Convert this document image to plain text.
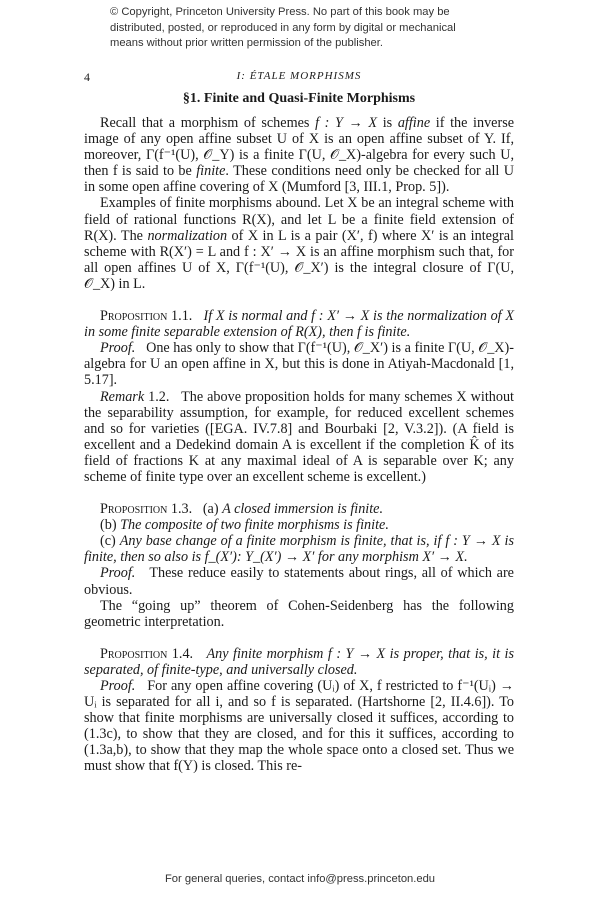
© Copyright, Princeton University Press. No part of this book may be
distributed, posted, or reproduced in any form by digital or mechanical
means without prior written permission of the publisher.
4	I: ÉTALE MORPHISMS
§1. Finite and Quasi-Finite Morphisms

Recall that a morphism of schemes f : Y → X is affine if the inverse image of any open affine subset U of X is an open affine subset of Y. If, moreover, Γ(f⁻¹(U), 𝒪_Y) is a finite Γ(U, 𝒪_X)-algebra for every such U, then f is said to be finite. These conditions need only be checked for all U in some open affine covering of X (Mumford [3, III.1, Prop. 5]).

Examples of finite morphisms abound. Let X be an integral scheme with field of rational functions R(X), and let L be a finite field extension of R(X). The normalization of X in L is a pair (X′, f) where X′ is an integral scheme with R(X′) = L and f : X′ → X is an affine morphism such that, for all open affines U of X, Γ(f⁻¹(U), 𝒪_X′) is the integral closure of Γ(U, 𝒪_X) in L.

Proposition 1.1. If X is normal and f : X′ → X is the normalization of X in some finite separable extension of R(X), then f is finite.

Proof. One has only to show that Γ(f⁻¹(U), 𝒪_X′) is a finite Γ(U, 𝒪_X)-algebra for U an open affine in X, but this is done in Atiyah-Macdonald [1, 5.17].

Remark 1.2. The above proposition holds for many schemes X without the separability assumption, for example, for reduced excellent schemes and so for varieties ([EGA. IV.7.8] and Bourbaki [2, V.3.2]). (A field is excellent and a Dedekind domain A is excellent if the completion K̂ of its field of fractions K at any maximal ideal of A is separable over K; any scheme of finite type over an excellent scheme is excellent.)

Proposition 1.3. (a) A closed immersion is finite.

(b) The composite of two finite morphisms is finite.

(c) Any base change of a finite morphism is finite, that is, if f : Y → X is finite, then so also is f_(X′): Y_(X′) → X′ for any morphism X′ → X.

Proof. These reduce easily to statements about rings, all of which are obvious.

The “going up” theorem of Cohen-Seidenberg has the following geometric interpretation.

Proposition 1.4. Any finite morphism f : Y → X is proper, that is, it is separated, of finite-type, and universally closed.

Proof. For any open affine covering (Uᵢ) of X, f restricted to f⁻¹(Uᵢ) → Uᵢ is separated for all i, and so f is separated. (Hartshorne [2, II.4.6]). To show that finite morphisms are universally closed it suffices, according to (1.3c), to show that they are closed, and for this it suffices, according to (1.3a,b), to show that they map the whole space onto a closed set. Thus we must show that f(Y) is closed. This re-

For general queries, contact info@press.princeton.edu
